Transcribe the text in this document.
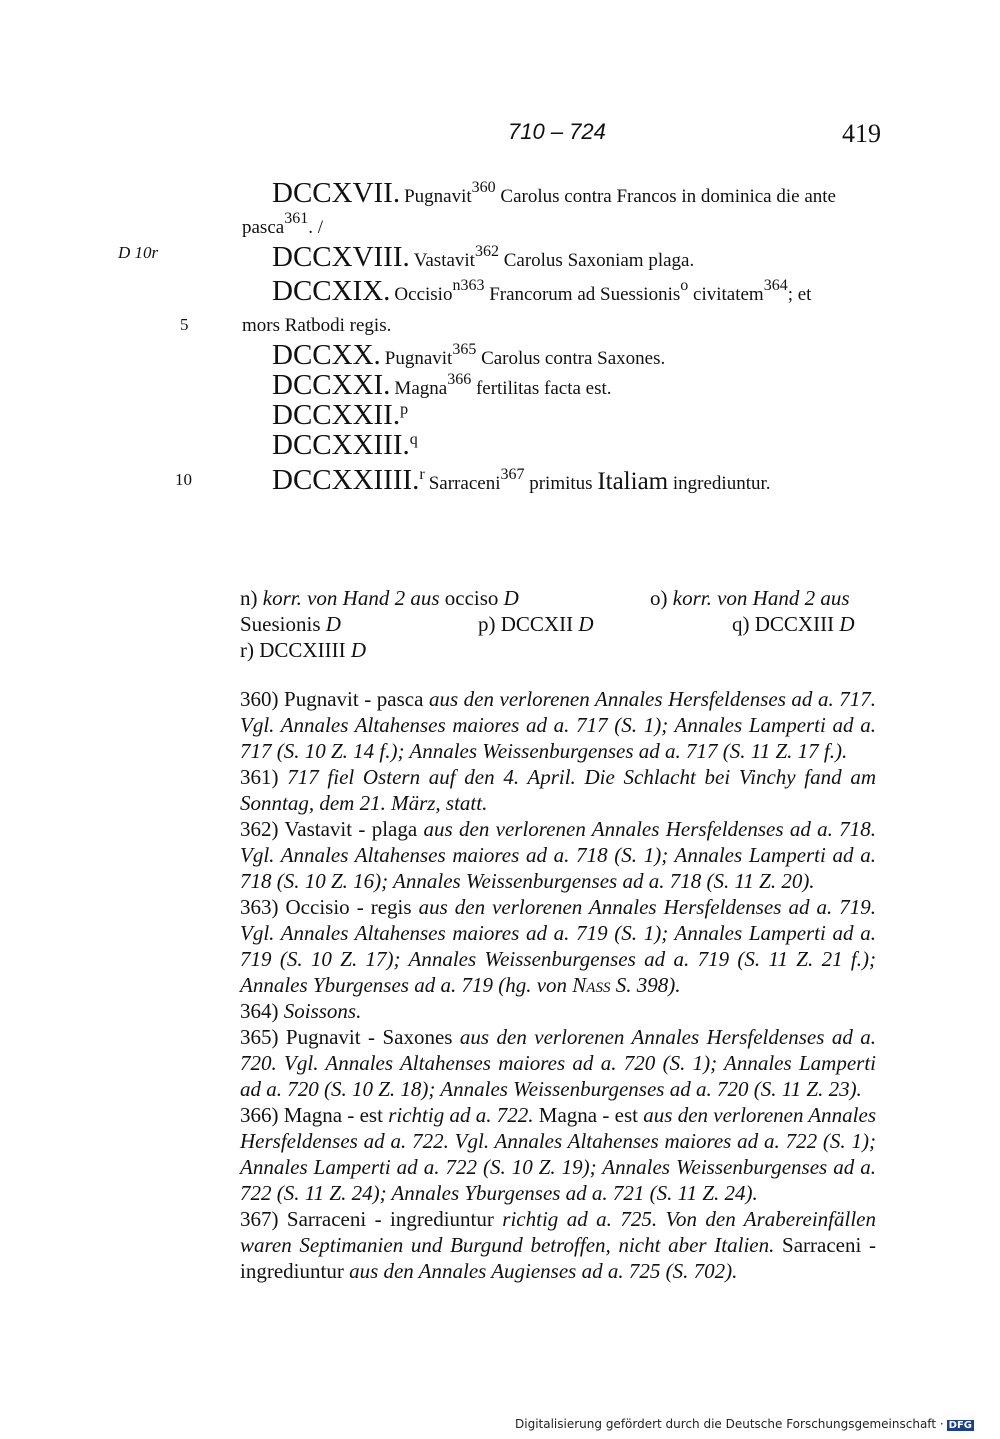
710 – 724	419
D 10r
5
10
DCCXVII. Pugnavit$^{360}$ Carolus contra Francos in dominica die ante
pasca$^{361}$. /
DCCXVIII. Vastavit$^{362}$ Carolus Saxoniam plaga.
DCCXIX. Occisio$^{n363}$ Francorum ad Suessionis$^o$ civitatem$^{364}$; et
mors Ratbodi regis.
DCCXX. Pugnavit$^{365}$ Carolus contra Saxones.
DCCXXI. Magna$^{366}$ fertilitas facta est.
DCCXXII.$^p$
DCCXXIII.$^q$
DCCXXIIII.$^r$ Sarraceni$^{367}$ primitus Italiam ingrediuntur.
n) korr. von Hand 2 aus occiso D	o) korr. von Hand 2 aus
Suesionis D	p) DCCXII D	q) DCCXIII D
r) DCCXIIII D

360) Pugnavit - pasca aus den verlorenen Annales Hersfeldenses ad a. 717. Vgl. Annales Altahenses maiores ad a. 717 (S. 1); Annales Lamperti ad a. 717 (S. 10 Z. 14 f.); Annales Weissenburgenses ad a. 717 (S. 11 Z. 17 f.).

361) 717 fiel Ostern auf den 4. April. Die Schlacht bei Vinchy fand am Sonntag, dem 21. März, statt.

362) Vastavit - plaga aus den verlorenen Annales Hersfeldenses ad a. 718. Vgl. Annales Altahenses maiores ad a. 718 (S. 1); Annales Lamperti ad a. 718 (S. 10 Z. 16); Annales Weissenburgenses ad a. 718 (S. 11 Z. 20).

363) Occisio - regis aus den verlorenen Annales Hersfeldenses ad a. 719. Vgl. Annales Altahenses maiores ad a. 719 (S. 1); Annales Lamperti ad a. 719 (S. 10 Z. 17); Annales Weissenburgenses ad a. 719 (S. 11 Z. 21 f.); Annales Yburgenses ad a. 719 (hg. von Nass S. 398).

364) Soissons.

365) Pugnavit - Saxones aus den verlorenen Annales Hersfeldenses ad a. 720. Vgl. Annales Altahenses maiores ad a. 720 (S. 1); Annales Lamperti ad a. 720 (S. 10 Z. 18); Annales Weissenburgenses ad a. 720 (S. 11 Z. 23).

366) Magna - est richtig ad a. 722. Magna - est aus den verlorenen Annales Hersfeldenses ad a. 722. Vgl. Annales Altahenses maiores ad a. 722 (S. 1); Annales Lamperti ad a. 722 (S. 10 Z. 19); Annales Weissenburgenses ad a. 722 (S. 11 Z. 24); Annales Yburgenses ad a. 721 (S. 11 Z. 24).

367) Sarraceni - ingrediuntur richtig ad a. 725. Von den Arabereinfällen waren Septimanien und Burgund betroffen, nicht aber Italien. Sarraceni - ingrediuntur aus den Annales Augienses ad a. 725 (S. 702).

Digitalisierung gefördert durch die Deutsche Forschungsgemeinschaft · DFG
